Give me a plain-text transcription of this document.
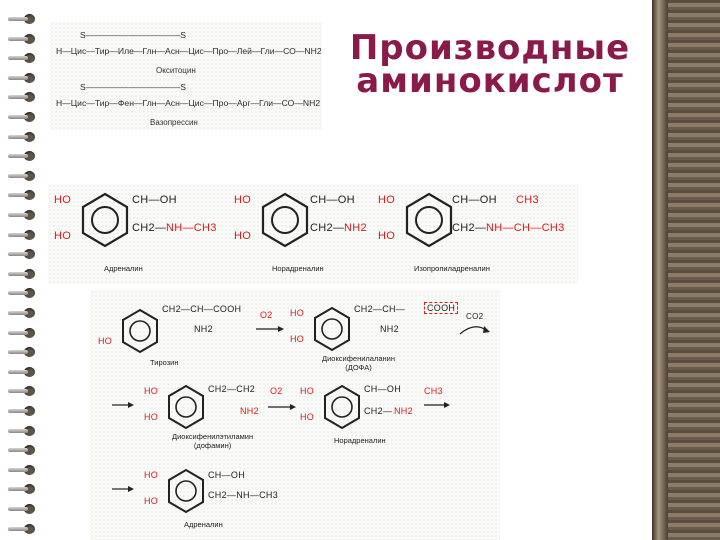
Производные
аминокислот
S———————————S
H—Цис—Тир—Иле—Глн—Асн—Цис—Про—Лей—Гли—СО—NH2
Окситоцин
S———————————S
H—Цис—Тир—Фен—Глн—Асн—Цис—Про—Арг—Гли—СО—NH2
Вазопрессин
HO
HO
CH—OH
CH2— NH—CH3
Адреналин
HO
HO
CH—OH
CH2— NH2
Норадреналин
HO
HO
CH—OH CH3
CH2— NH—CH—CH3
Изопропиладреналин
HO
CH2—CH—COOH
NH2
Тирозин
O2 HO
HO
CH2—CH—	COOH
NH2
CO2
Диоксифенилаланин
(ДОФА)
HO
HO
CH2—CH2
NH2
Диоксифенилэтиламин
(дофамин)
O2 HO
HO
CH—OH
CH2— NH2
Норадреналин
CH3
HO
HO
CH—OH
CH2—NH—CH3
Адреналин
